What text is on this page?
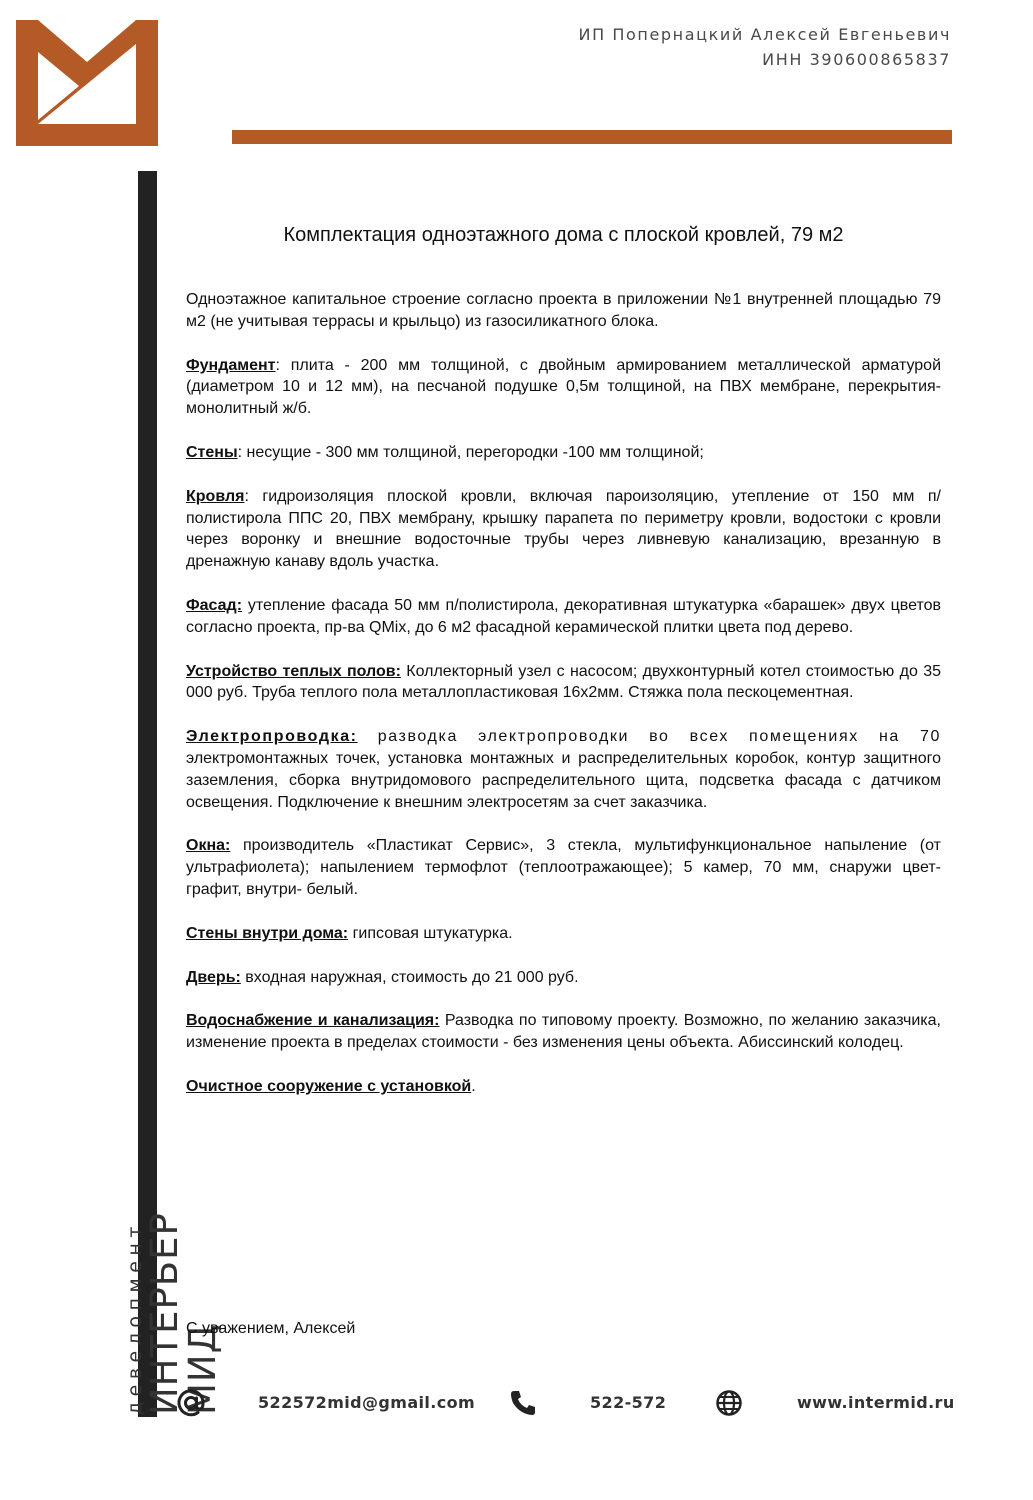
ИП Попернацкий Алексей Евгеньевич
ИНН 390600865837
девелопмент
ИНТЕРЬЕР
МИД
Комплектация одноэтажного дома с плоской кровлей, 79 м2

Одноэтажное капитальное строение согласно проекта в приложении №1 внутренней площадью 79 м2 (не учитывая террасы и крыльцо) из газосиликатного блока.

Фундамент: плита - 200 мм толщиной, с двойным армированием металлической арматурой (диаметром 10 и 12 мм), на песчаной подушке 0,5м толщиной, на ПВХ мембране, перекрытия- монолитный ж/б.

Стены: несущие - 300 мм толщиной, перегородки -100 мм толщиной;

Кровля: гидроизоляция плоской кровли, включая пароизоляцию, утепление от 150 мм п/полистирола ППС 20, ПВХ мембрану, крышку парапета по периметру кровли, водостоки с кровли через воронку и внешние водосточные трубы через ливневую канализацию, врезанную в дренажную канаву вдоль участка.

Фасад: утепление фасада 50 мм п/полистирола, декоративная штукатурка «барашек» двух цветов согласно проекта, пр-ва QMix, до 6 м2 фасадной керамической плитки цвета под дерево.

Устройство теплых полов: Коллекторный узел с насосом; двухконтурный котел стоимостью до 35 000 руб. Труба теплого пола металлопластиковая 16х2мм. Стяжка пола пескоцементная.

Электропроводка: разводка электропроводки во всех помещениях на 70 электромонтажных точек, установка монтажных и распределительных коробок, контур защитного заземления, сборка внутридомового распределительного щита, подсветка фасада с датчиком освещения. Подключение к внешним электросетям за счет заказчика.

Окна: производитель «Пластикат Сервис», 3 стекла, мультифункциональное напыление (от ультрафиолета); напылением термофлот (теплоотражающее); 5 камер, 70 мм, снаружи цвет- графит, внутри- белый.

Стены внутри дома: гипсовая штукатурка.

Дверь: входная наружная, стоимость до 21 000 руб.

Водоснабжение и канализация: Разводка по типовому проекту. Возможно, по желанию заказчика, изменение проекта в пределах стоимости - без изменения цены объекта. Абиссинский колодец.

Очистное сооружение с установкой.

С уважением, Алексей
522572mid@gmail.com	522-572	www.intermid.ru
